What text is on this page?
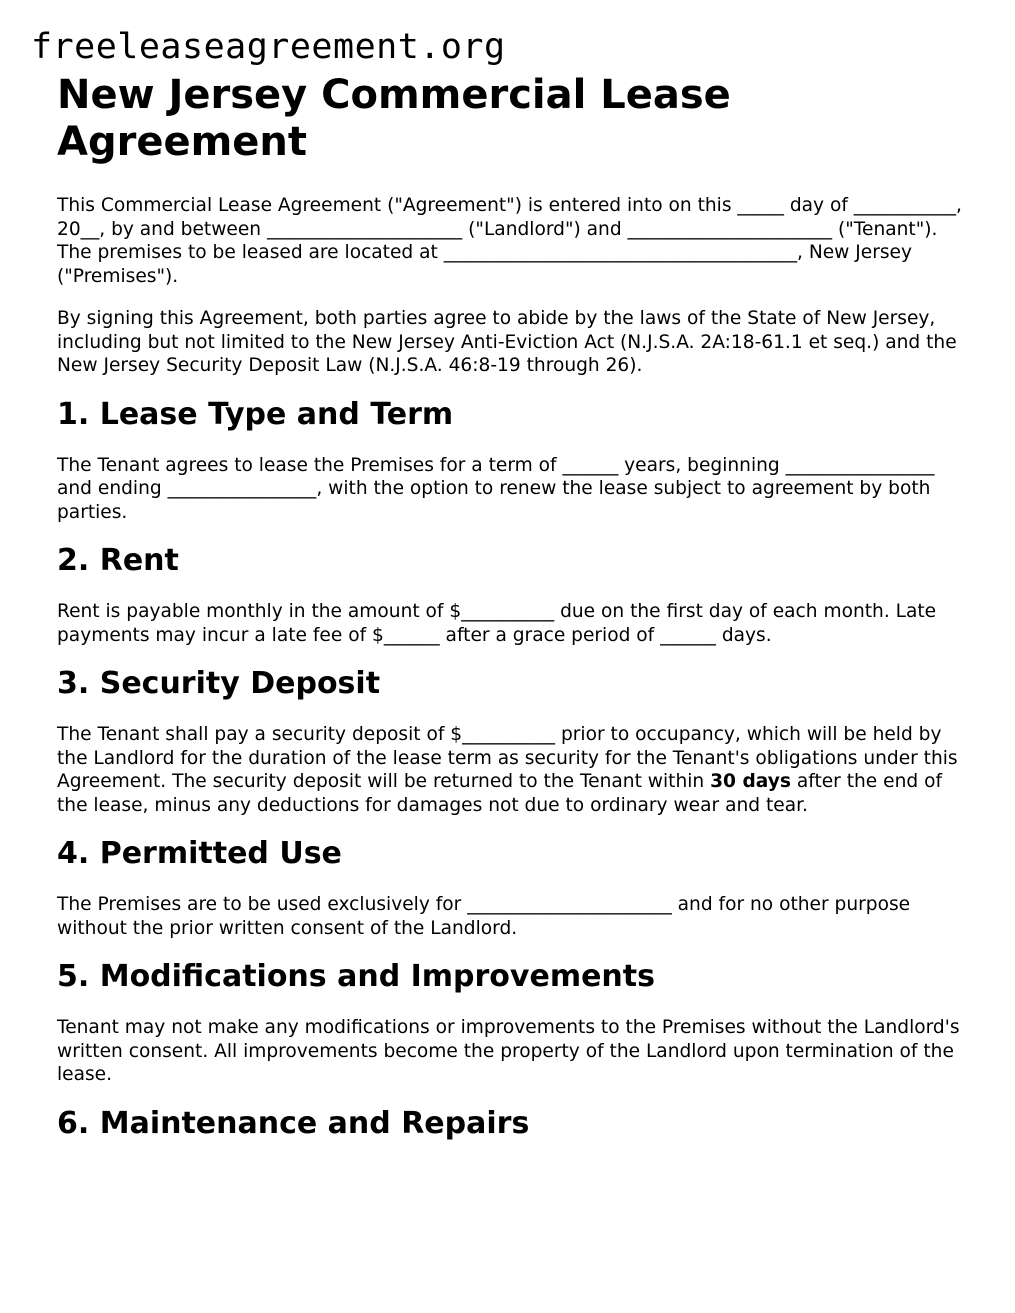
freeleaseagreement.org
New Jersey Commercial Lease Agreement

This Commercial Lease Agreement ("Agreement") is entered into on this _____ day of ___________, 20__, by and between _____________________ ("Landlord") and ______________________ ("Tenant"). The premises to be leased are located at ______________________________________, New Jersey ("Premises").

By signing this Agreement, both parties agree to abide by the laws of the State of New Jersey, including but not limited to the New Jersey Anti-Eviction Act (N.J.S.A. 2A:18-61.1 et seq.) and the New Jersey Security Deposit Law (N.J.S.A. 46:8-19 through 26).

1. Lease Type and Term

The Tenant agrees to lease the Premises for a term of ______ years, beginning ________________ and ending ________________, with the option to renew the lease subject to agreement by both parties.

2. Rent

Rent is payable monthly in the amount of $__________ due on the first day of each month. Late payments may incur a late fee of $______ after a grace period of ______ days.

3. Security Deposit

The Tenant shall pay a security deposit of $__________ prior to occupancy, which will be held by the Landlord for the duration of the lease term as security for the Tenant's obligations under this Agreement. The security deposit will be returned to the Tenant within 30 days after the end of the lease, minus any deductions for damages not due to ordinary wear and tear.

4. Permitted Use

The Premises are to be used exclusively for ______________________ and for no other purpose without the prior written consent of the Landlord.

5. Modifications and Improvements

Tenant may not make any modifications or improvements to the Premises without the Landlord's written consent. All improvements become the property of the Landlord upon termination of the lease.

6. Maintenance and Repairs
